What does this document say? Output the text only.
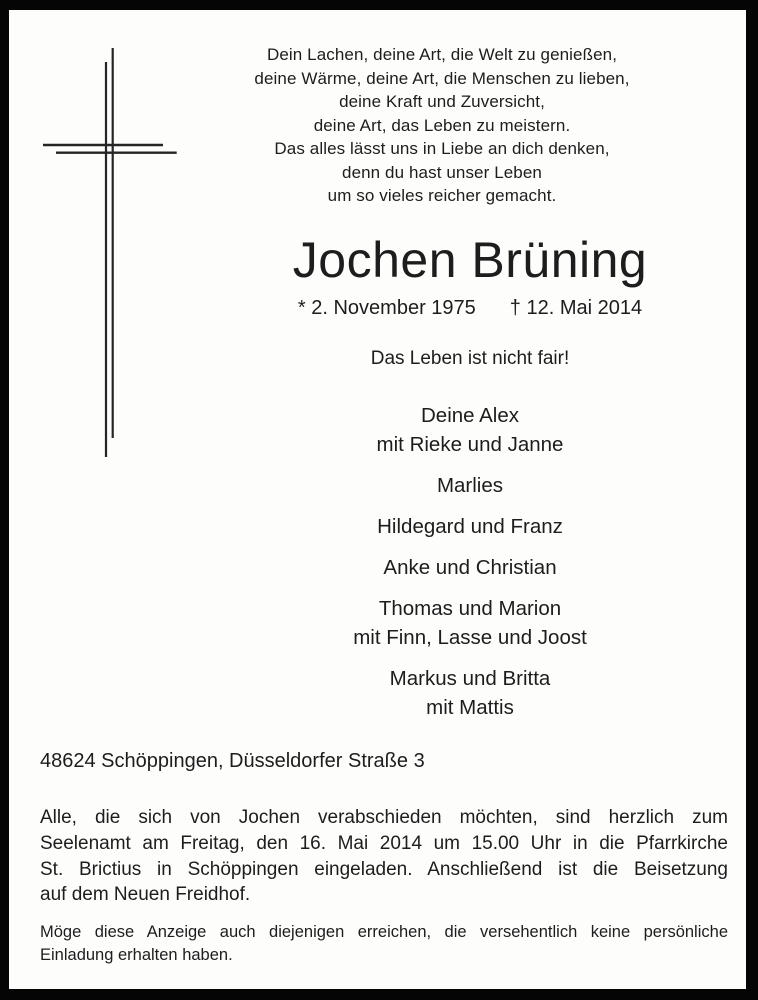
Dein Lachen, deine Art, die Welt zu genießen,
deine Wärme, deine Art, die Menschen zu lieben,
deine Kraft und Zuversicht,
deine Art, das Leben zu meistern.
Das alles lässt uns in Liebe an dich denken,
denn du hast unser Leben
um so vieles reicher gemacht.
Jochen Brüning
* 2. November 1975 † 12. Mai 2014
Das Leben ist nicht fair!
Deine Alex
mit Rieke und Janne
Marlies
Hildegard und Franz
Anke und Christian
Thomas und Marion
mit Finn, Lasse und Joost
Markus und Britta
mit Mattis
48624 Schöppingen, Düsseldorfer Straße 3
Alle, die sich von Jochen verabschieden möchten, sind herzlich zum
Seelenamt am Freitag, den 16. Mai 2014 um 15.00 Uhr in die Pfarrkirche
St. Brictius in Schöppingen eingeladen. Anschließend ist die Beisetzung
auf dem Neuen Freidhof.
Möge diese Anzeige auch diejenigen erreichen, die versehentlich keine persönliche
Einladung erhalten haben.
